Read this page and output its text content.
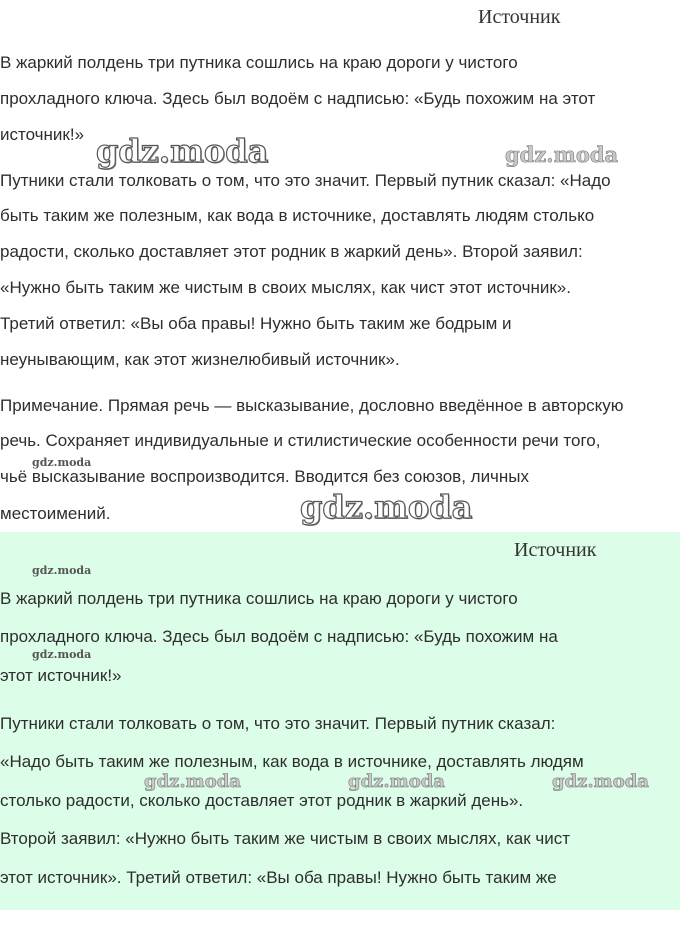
Источник
В жаркий полдень три путника сошлись на краю дороги у чистого
прохладного ключа. Здесь был водоём с надписью: «Будь похожим на этот
источник!»
Путники стали толковать о том, что это значит. Первый путник сказал: «Надо
быть таким же полезным, как вода в источнике, доставлять людям столько
радости, сколько доставляет этот родник в жаркий день». Второй заявил:
«Нужно быть таким же чистым в своих мыслях, как чист этот источник».
Третий ответил: «Вы оба правы! Нужно быть таким же бодрым и
неунывающим, как этот жизнелюбивый источник».
Примечание. Прямая речь — высказывание, дословно введённое в авторскую
речь. Сохраняет индивидуальные и стилистические особенности речи того,
чьё высказывание воспроизводится. Вводится без союзов, личных
местоимений.
Источник
В жаркий полдень три путника сошлись на краю дороги у чистого
прохладного ключа. Здесь был водоём с надписью: «Будь похожим на
этот источник!»
Путники стали толковать о том, что это значит. Первый путник сказал:
«Надо быть таким же полезным, как вода в источнике, доставлять людям
столько радости, сколько доставляет этот родник в жаркий день».
Второй заявил: «Нужно быть таким же чистым в своих мыслях, как чист
этот источник». Третий ответил: «Вы оба правы! Нужно быть таким же
gdz.moda	gdz.moda
gdz.moda
gdz.moda
gdz.moda
gdz.moda
gdz.moda	gdz.moda	gdz.moda
